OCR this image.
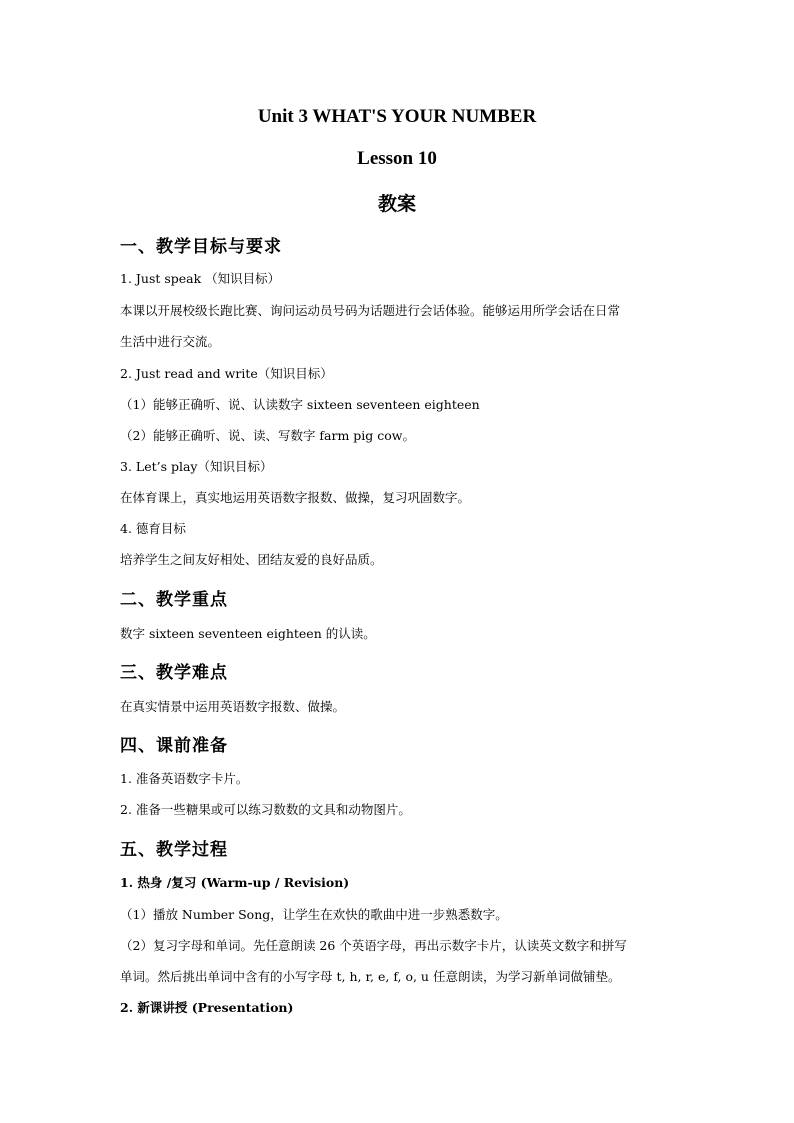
Unit 3 WHAT'S YOUR NUMBER
Lesson 10
教案
一、教学目标与要求
1. Just speak （知识目标）
本课以开展校级长跑比赛、询问运动员号码为话题进行会话体验。能够运用所学会话在日常
生活中进行交流。
2. Just read and write（知识目标）
（1）能够正确听、说、认读数字 sixteen seventeen eighteen
（2）能够正确听、说、读、写数字 farm pig cow。
3. Let’s play（知识目标）
在体育课上，真实地运用英语数字报数、做操，复习巩固数字。
4. 德育目标
培养学生之间友好相处、团结友爱的良好品质。
二、教学重点
数字 sixteen seventeen eighteen 的认读。
三、教学难点
在真实情景中运用英语数字报数、做操。
四、课前准备
1. 准备英语数字卡片。
2. 准备一些糖果或可以练习数数的文具和动物图片。
五、教学过程
1. 热身 /复习 (Warm-up / Revision)
（1）播放 Number Song，让学生在欢快的歌曲中进一步熟悉数字。
（2）复习字母和单词。先任意朗读 26 个英语字母，再出示数字卡片，认读英文数字和拼写
单词。然后挑出单词中含有的小写字母 t, h, r, e, f, o, u 任意朗读，为学习新单词做铺垫。
2. 新课讲授 (Presentation)
